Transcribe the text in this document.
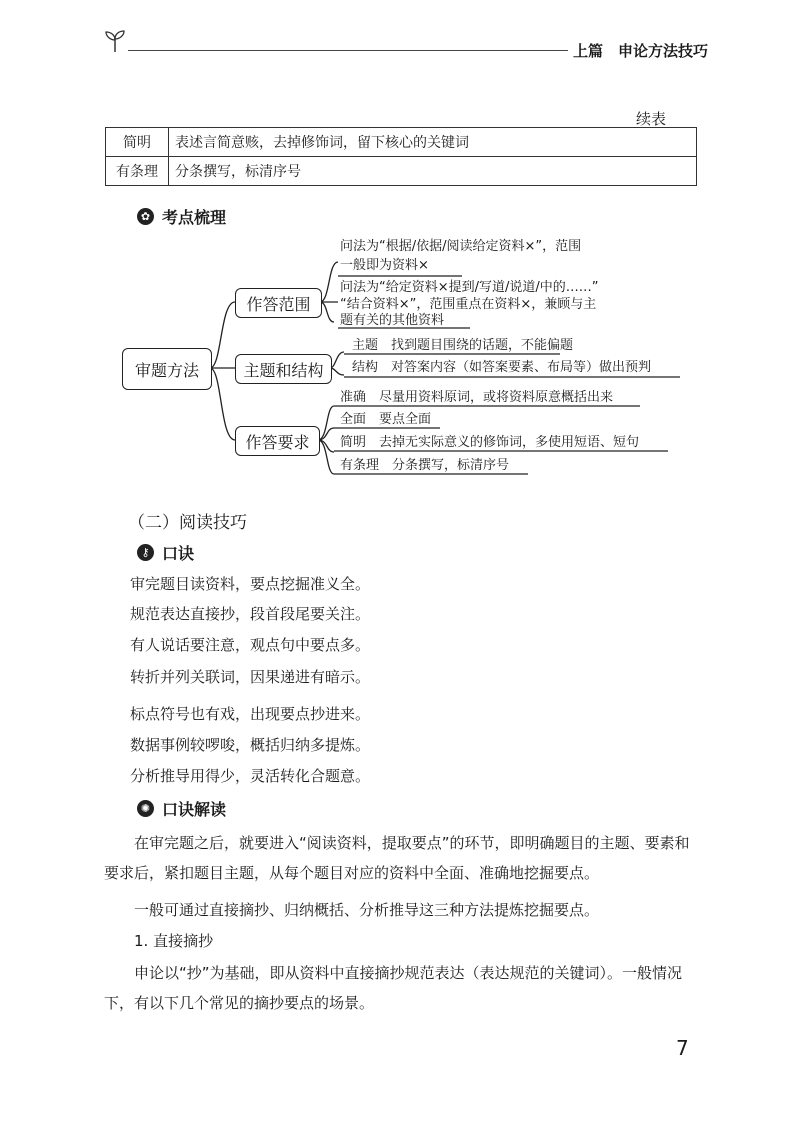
上篇　申论方法技巧
续表
简明	表述言简意赅，去掉修饰词，留下核心的关键词
有条理	分条撰写，标清序号
✿ 考点梳理
审题方法
作答范围
主题和结构
作答要求
问法为“根据/依据/阅读给定资料×”，范围
一般即为资料×
问法为“给定资料×提到/写道/说道/中的……”
“结合资料×”，范围重点在资料×，兼顾与主
题有关的其他资料
主题　找到题目围绕的话题，不能偏题
结构　对答案内容（如答案要素、布局等）做出预判
准确　尽量用资料原词，或将资料原意概括出来
全面　要点全面
简明　去掉无实际意义的修饰词，多使用短语、短句
有条理　分条撰写，标清序号
（二）阅读技巧
⚷ 口诀
审完题目读资料，要点挖掘准义全。
规范表达直接抄，段首段尾要关注。
有人说话要注意，观点句中要点多。
转折并列关联词，因果递进有暗示。
标点符号也有戏，出现要点抄进来。
数据事例较啰唆，概括归纳多提炼。
分析推导用得少，灵活转化合题意。
✺ 口诀解读
在审完题之后，就要进入“阅读资料，提取要点”的环节，即明确题目的主题、要素和要求后，紧扣题目主题，从每个题目对应的资料中全面、准确地挖掘要点。
一般可通过直接摘抄、归纳概括、分析推导这三种方法提炼挖掘要点。
1. 直接摘抄
申论以“抄”为基础，即从资料中直接摘抄规范表达（表达规范的关键词）。一般情况下，有以下几个常见的摘抄要点的场景。
7
